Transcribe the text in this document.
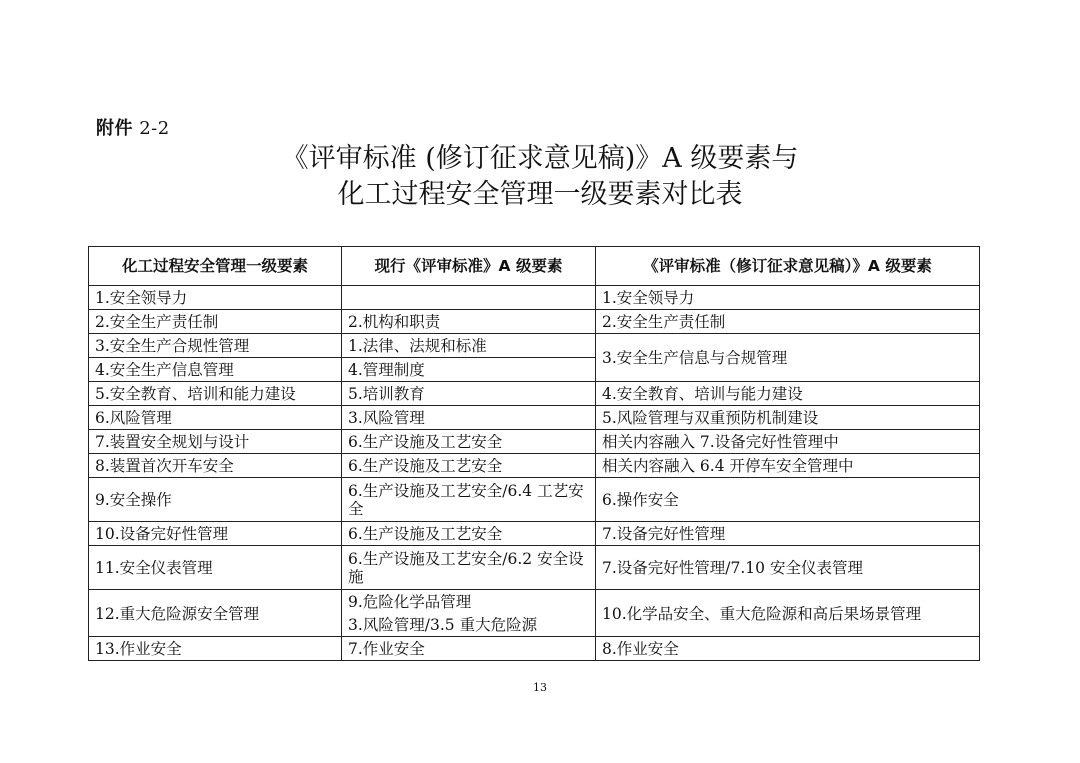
附件 2-2
《评审标准 (修订征求意见稿)》A 级要素与
化工过程安全管理一级要素对比表
化工过程安全管理一级要素	现行《评审标准》A 级要素	《评审标准（修订征求意见稿）》A 级要素
1.安全领导力		1.安全领导力
2.安全生产责任制	2.机构和职责	2.安全生产责任制
3.安全生产合规性管理	1.法律、法规和标准	3.安全生产信息与合规管理
4.安全生产信息管理	4.管理制度	
5.安全教育、培训和能力建设	5.培训教育	4.安全教育、培训与能力建设
6.风险管理	3.风险管理	5.风险管理与双重预防机制建设
7.装置安全规划与设计	6.生产设施及工艺安全	相关内容融入 7.设备完好性管理中
8.装置首次开车安全	6.生产设施及工艺安全	相关内容融入 6.4 开停车安全管理中
9.安全操作	6.生产设施及工艺安全/6.4 工艺安全	6.操作安全
10.设备完好性管理	6.生产设施及工艺安全	7.设备完好性管理
11.安全仪表管理	6.生产设施及工艺安全/6.2 安全设施	7.设备完好性管理/7.10 安全仪表管理
12.重大危险源安全管理	9.危险化学品管理	10.化学品安全、重大危险源和高后果场景管理
	3.风险管理/3.5 重大危险源	
13.作业安全	7.作业安全	8.作业安全
13
